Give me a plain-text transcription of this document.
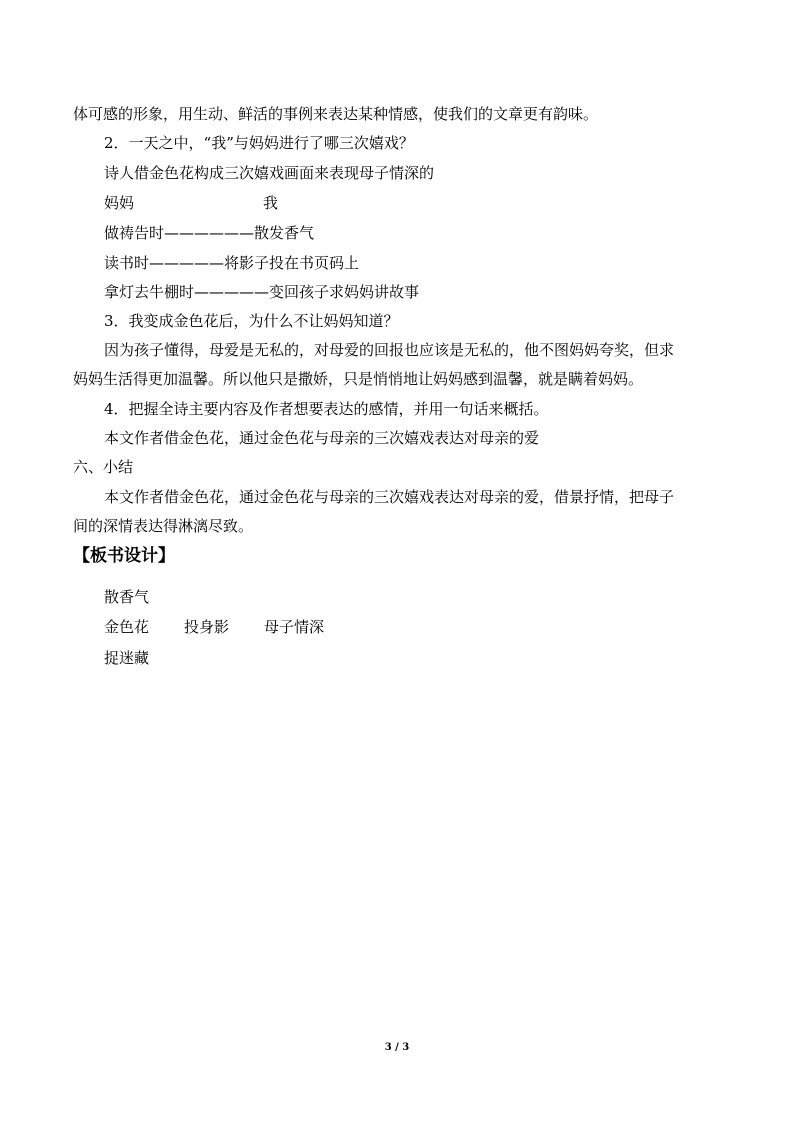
体可感的形象，用生动、鲜活的事例来表达某种情感，使我们的文章更有韵味。
2．一天之中，“我”与妈妈进行了哪三次嬉戏？
诗人借金色花构成三次嬉戏画面来表现母子情深的
妈妈	我
做祷告时——————散发香气
读书时—————将影子投在书页码上
拿灯去牛棚时—————变回孩子求妈妈讲故事
3．我变成金色花后，为什么不让妈妈知道？
因为孩子懂得，母爱是无私的，对母爱的回报也应该是无私的，他不图妈妈夸奖，但求
妈妈生活得更加温馨。所以他只是撒娇，只是悄悄地让妈妈感到温馨，就是瞒着妈妈。
4．把握全诗主要内容及作者想要表达的感情，并用一句话来概括。
本文作者借金色花，通过金色花与母亲的三次嬉戏表达对母亲的爱
六、小结
本文作者借金色花，通过金色花与母亲的三次嬉戏表达对母亲的爱，借景抒情，把母子
间的深情表达得淋漓尽致。
【板书设计】
散香气
金色花 投身影 母子情深
捉迷藏
3 / 3
